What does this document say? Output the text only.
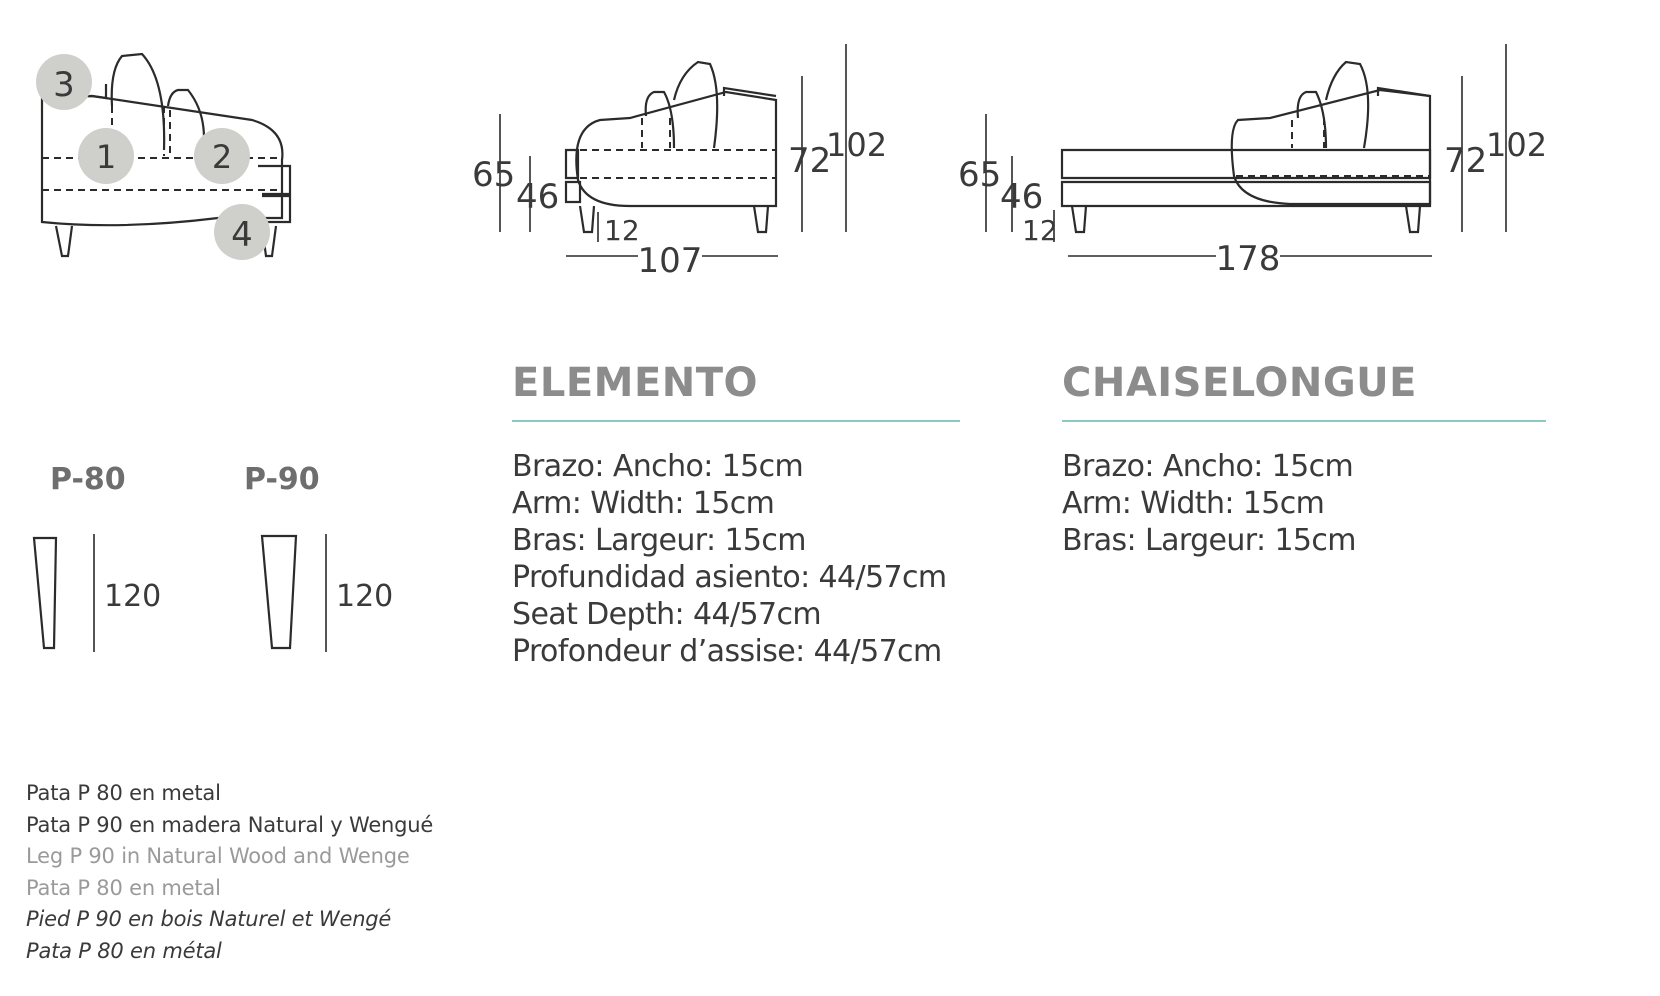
3
1	2
4
65
46
12
72
102
107
65
46
12
72
102
178
ELEMENTO
Brazo: Ancho: 15cm
Arm: Width: 15cm
Bras: Largeur: 15cm
Profundidad asiento: 44/57cm
Seat Depth: 44/57cm
Profondeur d’assise: 44/57cm
CHAISELONGUE
Brazo: Ancho: 15cm
Arm: Width: 15cm
Bras: Largeur: 15cm
P-80
120
P-90
120
Pata P 80 en metal
Pata P 90 en madera Natural y Wengué
Leg P 90 in Natural Wood and Wenge
Pata P 80 en metal
Pied P 90 en bois Naturel et Wengé
Pata P 80 en métal
